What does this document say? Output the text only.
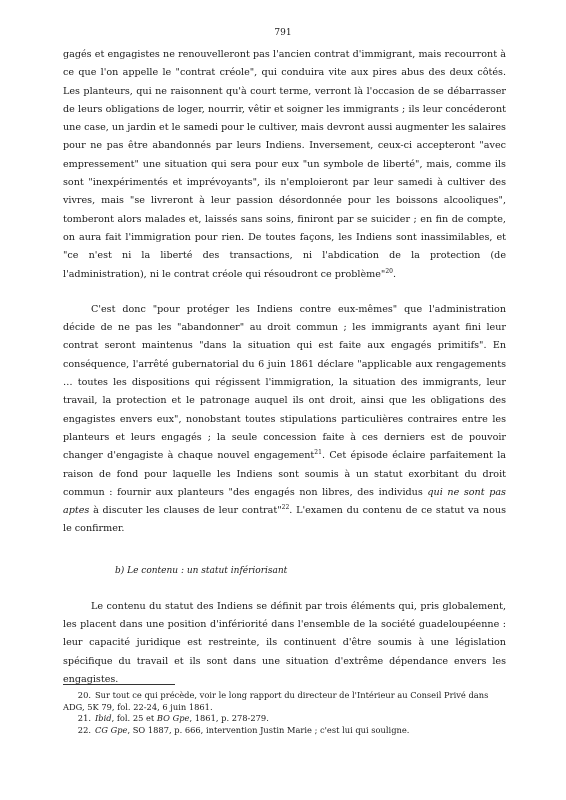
791

gagés et engagistes ne renouvelleront pas l'ancien contrat d'immigrant, mais recourront à ce que l'on appelle le "contrat créole", qui conduira vite aux pires abus des deux côtés. Les planteurs, qui ne raisonnent qu'à court terme, verront là l'occasion de se débarrasser de leurs obligations de loger, nourrir, vêtir et soigner les immigrants ; ils leur concéderont une case, un jardin et le samedi pour le cultiver, mais devront aussi augmenter les salaires pour ne pas être abandonnés par leurs Indiens. Inversement, ceux-ci accepteront "avec empressement" une situation qui sera pour eux "un symbole de liberté", mais, comme ils sont "inexpérimentés et imprévoyants", ils n'emploieront par leur samedi à cultiver des vivres, mais "se livreront à leur passion désordonnée pour les boissons alcooliques", tomberont alors malades et, laissés sans soins, finiront par se suicider ; en fin de compte, on aura fait l'immigration pour rien. De toutes façons, les Indiens sont inassimilables, et "ce n'est ni la liberté des transactions, ni l'abdication de la protection (de l'administration), ni le contrat créole qui résoudront ce problème"$^{20}$.

C'est donc "pour protéger les Indiens contre eux-mêmes" que l'administration décide de ne pas les "abandonner" au droit commun ; les immigrants ayant fini leur contrat seront maintenus "dans la situation qui est faite aux engagés primitifs". En conséquence, l'arrêté gubernatorial du 6 juin 1861 déclare "applicable aux rengagements … toutes les dispositions qui régissent l'immigration, la situation des immigrants, leur travail, la protection et le patronage auquel ils ont droit, ainsi que les obligations des engagistes envers eux", nonobstant toutes stipulations particulières contraires entre les planteurs et leurs engagés ; la seule concession faite à ces derniers est de pouvoir changer d'engagiste à chaque nouvel engagement$^{21}$. Cet épisode éclaire parfaitement la raison de fond pour laquelle les Indiens sont soumis à un statut exorbitant du droit commun : fournir aux planteurs "des engagés non libres, des individus qui ne sont pas aptes à discuter les clauses de leur contrat"$^{22}$. L'examen du contenu de ce statut va nous le confirmer.

b) Le contenu : un statut infériorisant

Le contenu du statut des Indiens se définit par trois éléments qui, pris globalement, les placent dans une position d'infériorité dans l'ensemble de la société guadeloupéenne : leur capacité juridique est restreinte, ils continuent d'être soumis à une législation spécifique du travail et ils sont dans une situation d'extrême dépendance envers les engagistes.

20. Sur tout ce qui précède, voir le long rapport du directeur de l'Intérieur au Conseil Privé dans

ADG, 5K 79, fol. 22-24, 6 juin 1861.

21. Ibid, fol. 25 et BO Gpe, 1861, p. 278-279.

22. CG Gpe, SO 1887, p. 666, intervention Justin Marie ; c'est lui qui souligne.
